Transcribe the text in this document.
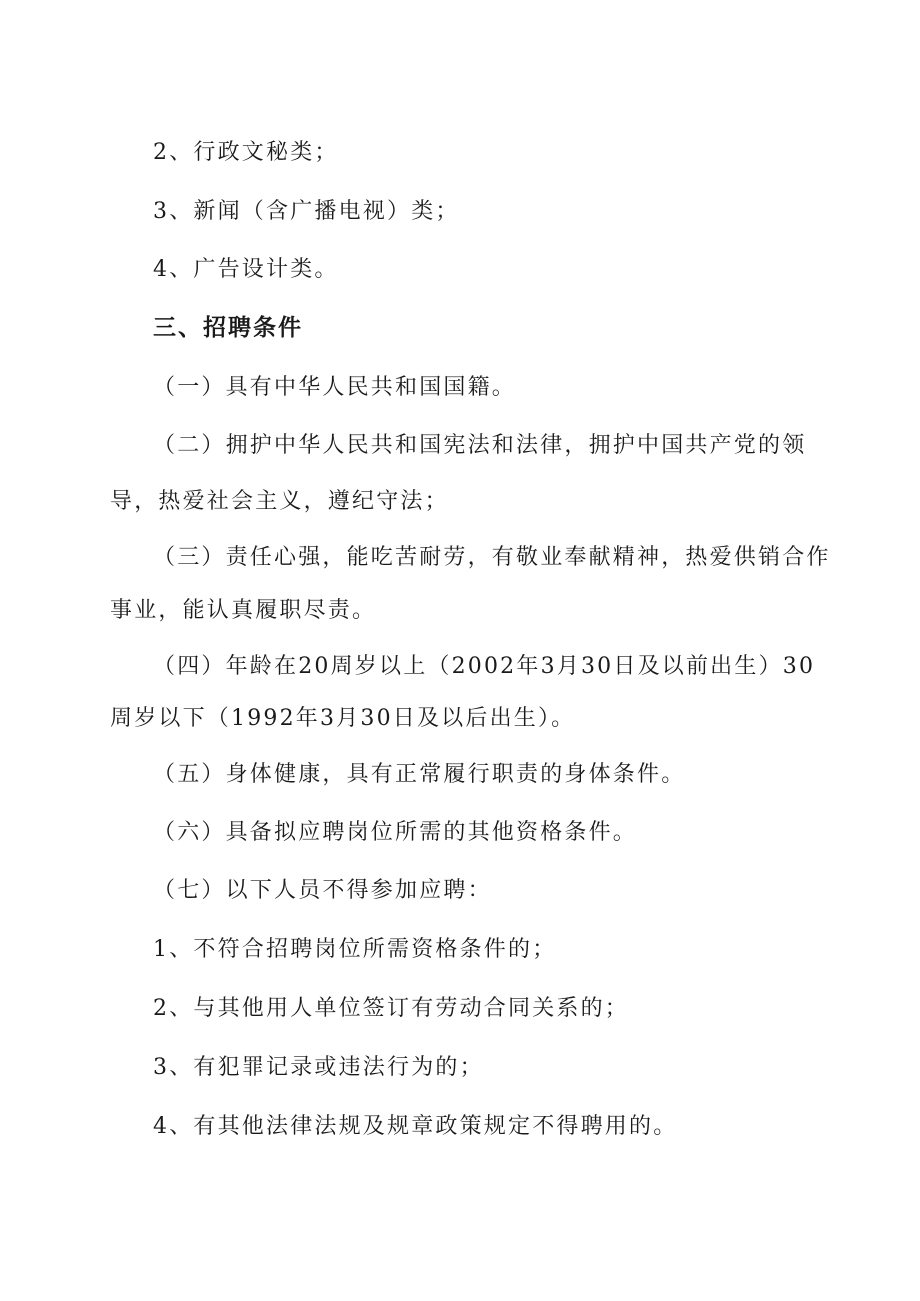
2、行政文秘类；
3、新闻（含广播电视）类；
4、广告设计类。
三、招聘条件
（一）具有中华人民共和国国籍。
（二）拥护中华人民共和国宪法和法律，拥护中国共产党的领
导，热爱社会主义，遵纪守法；
（三）责任心强，能吃苦耐劳，有敬业奉献精神，热爱供销合作
事业，能认真履职尽责。
（四）年龄在20周岁以上（2002年3月30日及以前出生）30
周岁以下（1992年3月30日及以后出生）。
（五）身体健康，具有正常履行职责的身体条件。
（六）具备拟应聘岗位所需的其他资格条件。
（七）以下人员不得参加应聘：
1、不符合招聘岗位所需资格条件的；
2、与其他用人单位签订有劳动合同关系的；
3、有犯罪记录或违法行为的；
4、有其他法律法规及规章政策规定不得聘用的。
